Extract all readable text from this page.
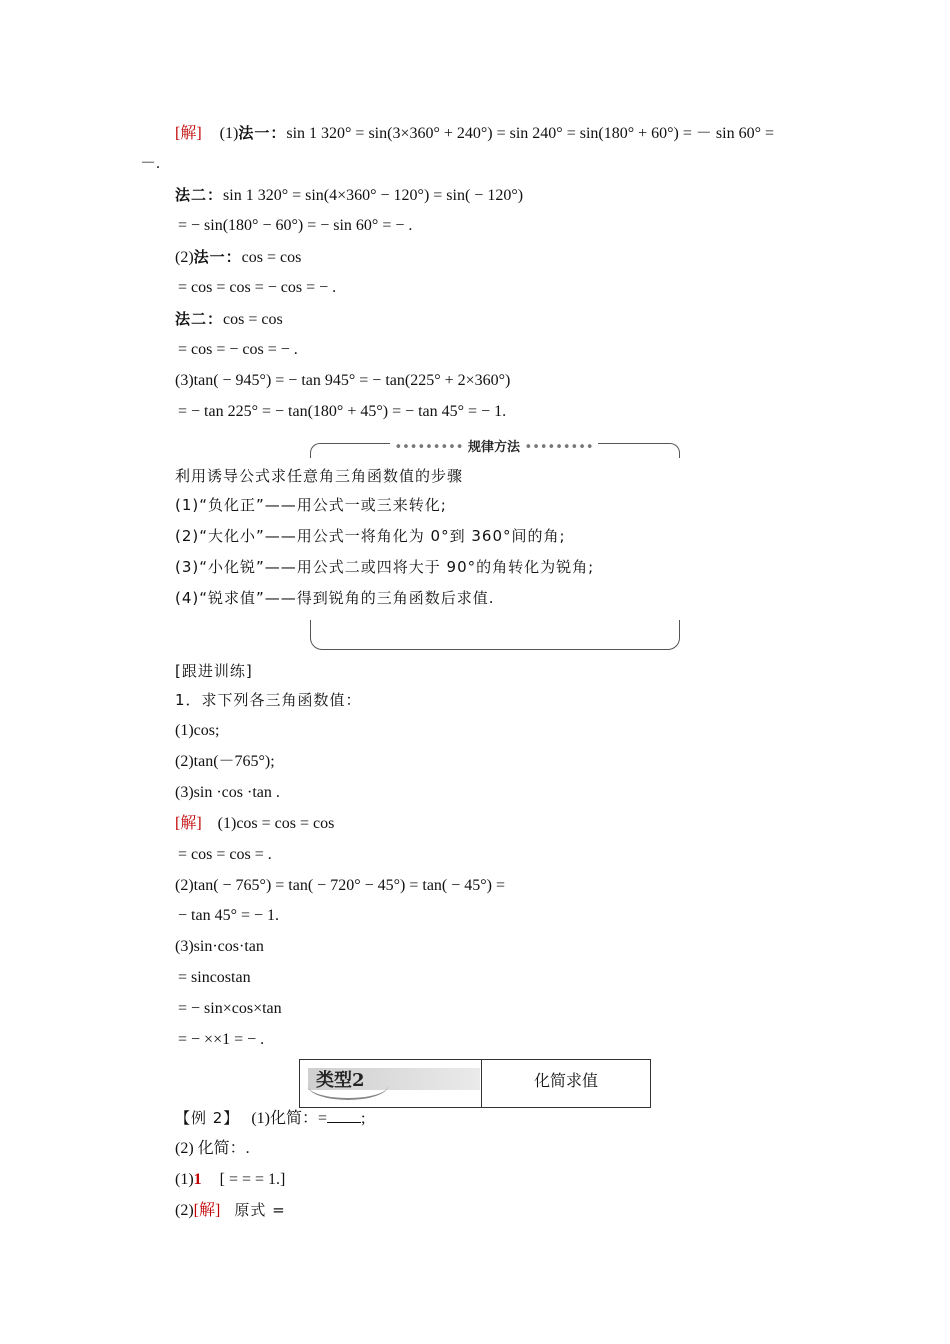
[解] (1)法一：sin 1 320° = sin(3×360° + 240°) = sin 240° = sin(180° + 60°) = － sin 60° =
－.
法二：sin 1 320° = sin(4×360° − 120°) = sin( − 120°)
= − sin(180° − 60°) = − sin 60° = − .
(2)法一：cos = cos
= cos = cos = − cos = − .
法二：cos = cos
= cos = − cos = − .
(3)tan( − 945°) = − tan 945° = − tan(225° + 2×360°)
= − tan 225° = − tan(180° + 45°) = − tan 45° = − 1.
••••••••• 规律方法 •••••••••
利用诱导公式求任意角三角函数值的步骤
(1)“负化正”——用公式一或三来转化;
(2)“大化小”——用公式一将角化为 0°到 360°间的角;
(3)“小化锐”——用公式二或四将大于 90°的角转化为锐角;
(4)“锐求值”——得到锐角的三角函数后求值.
[跟进训练]
1．求下列各三角函数值：
(1)cos;
(2)tan(－765°);
(3)sin ·cos ·tan .
[解] (1)cos = cos = cos
= cos = cos = .
(2)tan( − 765°) = tan( − 720° − 45°) = tan( − 45°) =
− tan 45° = − 1.
(3)sin·cos·tan
= sincostan
= − sin×cos×tan
= − ××1 = − .
类型2	化简求值
【例 2】 (1)化简：= ;
(2) 化简：.
(1)1 [ = = = 1.]
(2)[解] 原式 =
